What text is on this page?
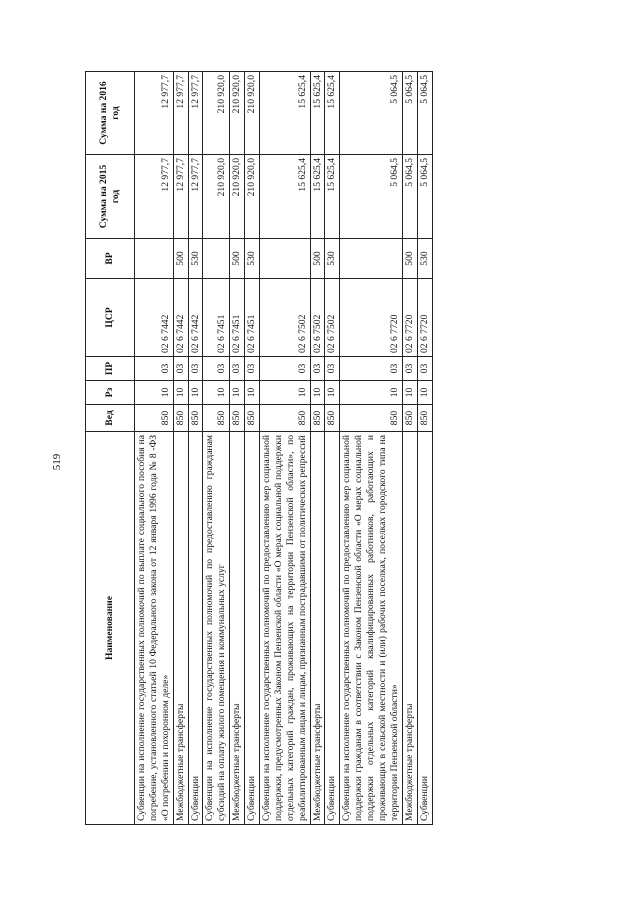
519
Наименование	Вед	Рз	ПР	ЦСР	ВР	Сумма на 2015 год	Сумма на 2016 год
Субвенции на исполнение государственных полномочий по выплате социального пособия на погребение, установленного статьей 10 Федерального закона от 12 января 1996 года № 8 -ФЗ «О погребении и похоронном деле»	850	10	03	02 6 7442		12 977,7	12 977,7
Межбюджетные трансферты	850	10	03	02 6 7442	500	12 977,7	12 977,7
Субвенции	850	10	03	02 6 7442	530	12 977,7	12 977,7
Субвенции на исполнение государственных полномочий по предоставлению гражданам субсидий на оплату жилого помещения и коммунальных услуг	850	10	03	02 6 7451		210 920,0	210 920,0
Межбюджетные трансферты	850	10	03	02 6 7451	500	210 920,0	210 920,0
Субвенции	850	10	03	02 6 7451	530	210 920,0	210 920,0
Субвенции на исполнение государственных полномочий по предоставлению мер социальной поддержки, предусмотренных Законом Пензенской области «О мерах социальной поддержки отдельных категорий граждан, проживающих на территории Пензенской области», по реабилитированным лицам и лицам, признанным пострадавшими от политических репрессий	850	10	03	02 6 7502		15 625,4	15 625,4
Межбюджетные трансферты	850	10	03	02 6 7502	500	15 625,4	15 625,4
Субвенции	850	10	03	02 6 7502	530	15 625,4	15 625,4
Субвенции на исполнение государственных полномочий по предоставлению мер социальной поддержки гражданам в соответствии с Законом Пензенской области «О мерах социальной поддержки отдельных категорий квалифицированных работников, работающих и проживающих в сельской местности и (или) рабочих поселках, поселках городского типа на территории Пензенской области»	850	10	03	02 6 7720		5 064,5	5 064,5
Межбюджетные трансферты	850	10	03	02 6 7720	500	5 064,5	5 064,5
Субвенции	850	10	03	02 6 7720	530	5 064,5	5 064,5
